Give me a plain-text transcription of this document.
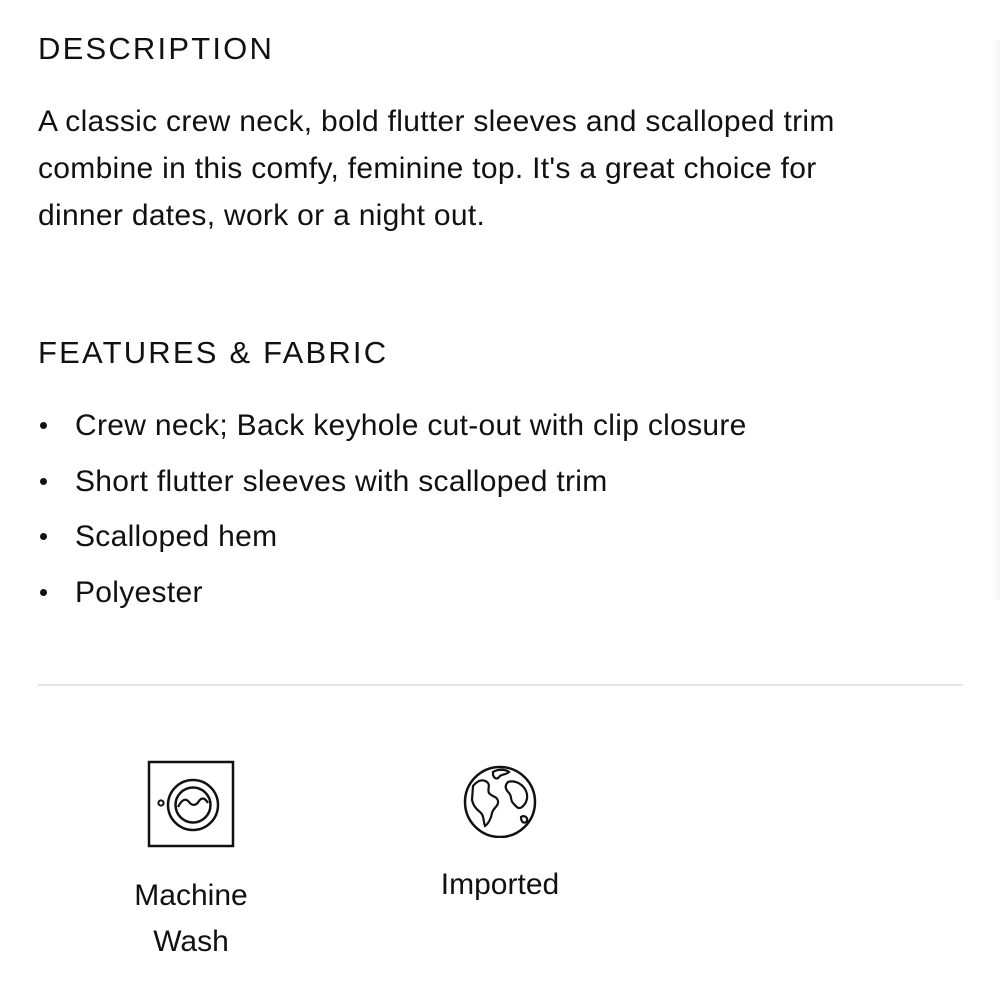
DESCRIPTION

A classic crew neck, bold flutter sleeves and scalloped trim
combine in this comfy, feminine top. It's a great choice for
dinner dates, work or a night out.

FEATURES & FABRIC
Crew neck; Back keyhole cut-out with clip closure
Short flutter sleeves with scalloped trim
Scalloped hem
Polyester
Machine Wash
Imported
